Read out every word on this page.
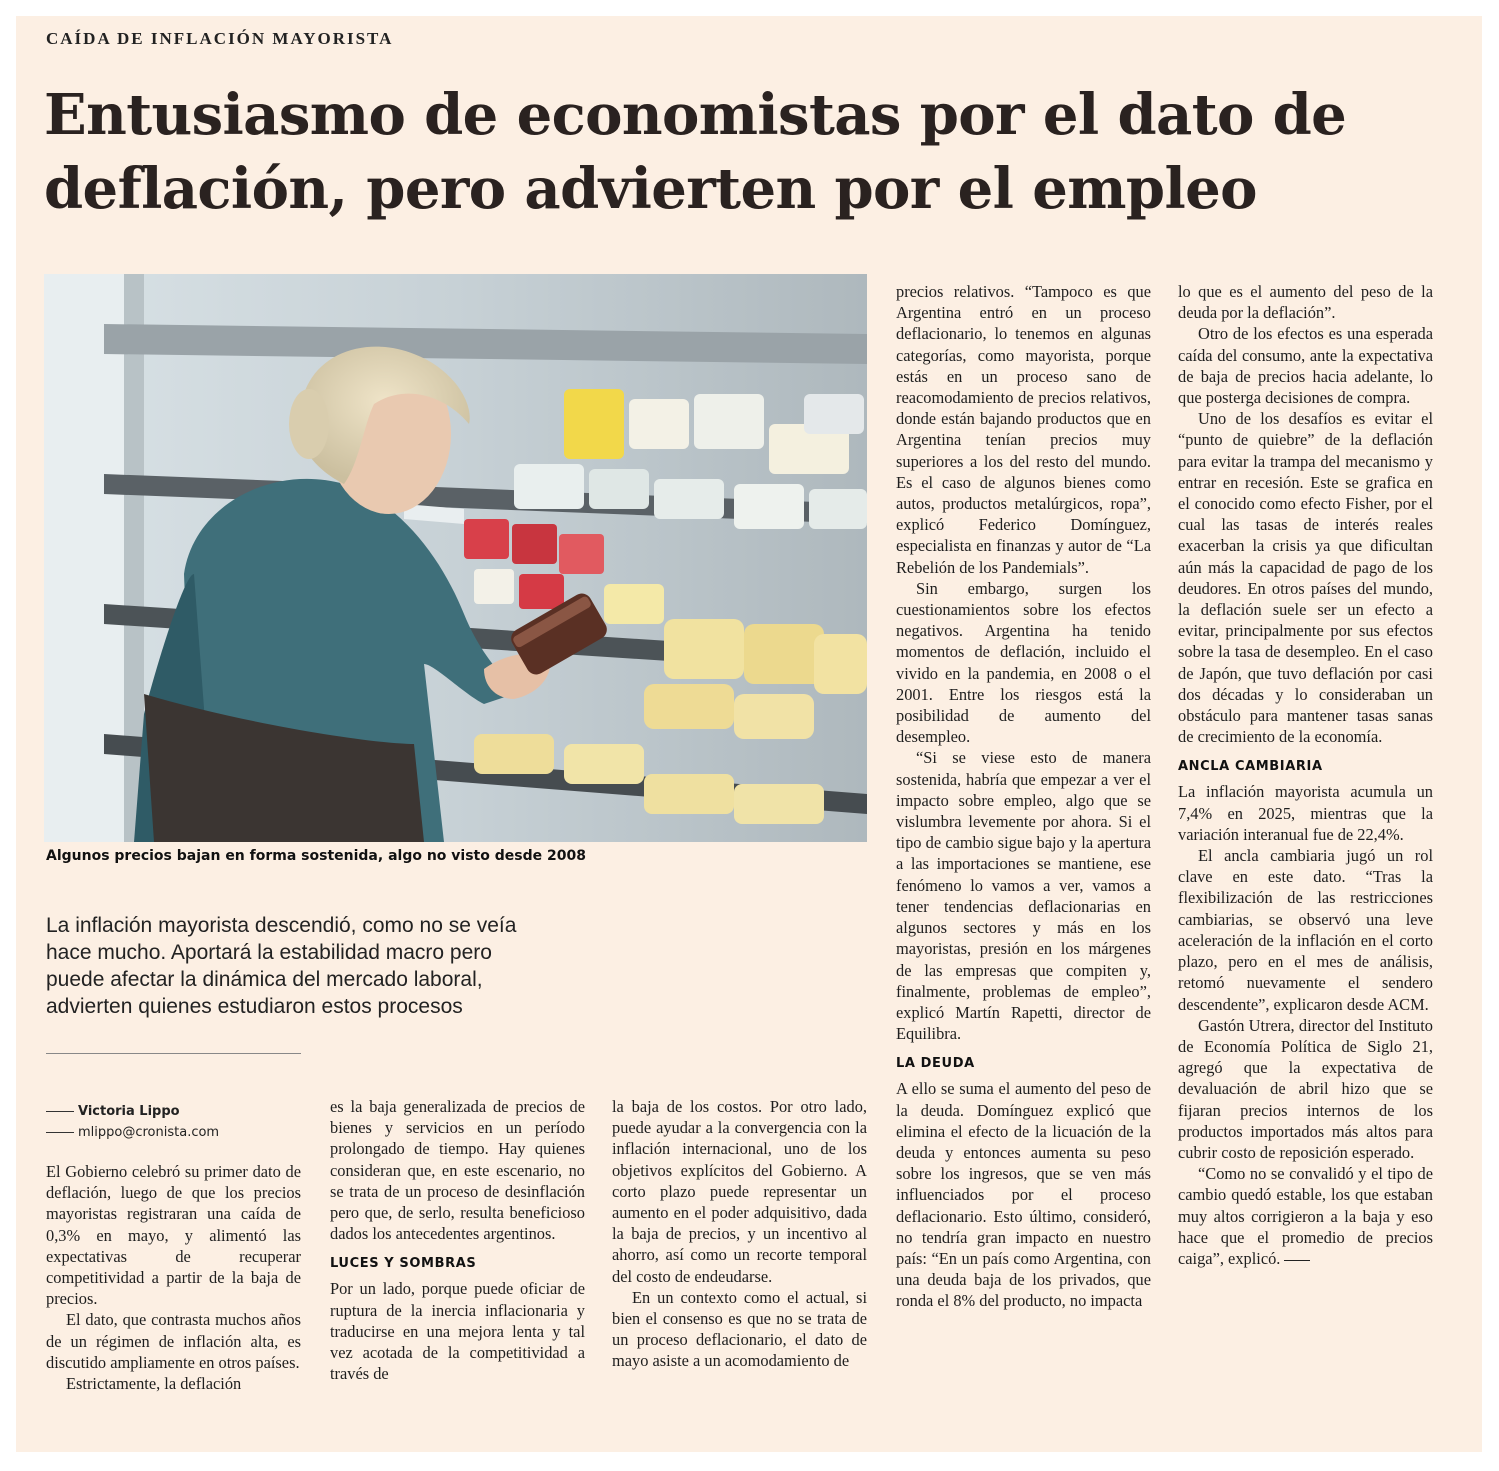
CAÍDA DE INFLACIÓN MAYORISTA
Entusiasmo de economistas por el dato de deflación, pero advierten por el empleo
Algunos precios bajan en forma sostenida, algo no visto desde 2008

La inflación mayorista descendió, como no se veía hace mucho. Aportará la estabilidad macro pero puede afectar la dinámica del mercado laboral, advierten quienes estudiaron estos procesos

Victoria Lippo
mlippo@cronista.com

El Gobierno celebró su primer dato de deflación, luego de que los precios mayoristas registraran una caída de 0,3% en mayo, y alimentó las expectativas de recuperar competitividad a partir de la baja de precios.

El dato, que contrasta muchos años de un régimen de inflación alta, es discutido ampliamente en otros países.

Estrictamente, la deflación

es la baja generalizada de precios de bienes y servicios en un período prolongado de tiempo. Hay quienes consideran que, en este escenario, no se trata de un proceso de desinflación pero que, de serlo, resulta beneficioso dados los antecedentes argentinos.

LUCES Y SOMBRAS

Por un lado, porque puede oficiar de ruptura de la inercia inflacionaria y traducirse en una mejora lenta y tal vez acotada de la competitividad a través de

la baja de los costos. Por otro lado, puede ayudar a la convergencia con la inflación internacional, uno de los objetivos explícitos del Gobierno. A corto plazo puede representar un aumento en el poder adquisitivo, dada la baja de precios, y un incentivo al ahorro, así como un recorte temporal del costo de endeudarse.

En un contexto como el actual, si bien el consenso es que no se trata de un proceso deflacionario, el dato de mayo asiste a un acomodamiento de

precios relativos. “Tampoco es que Argentina entró en un proceso deflacionario, lo tenemos en algunas categorías, como mayorista, porque estás en un proceso sano de reacomodamiento de precios relativos, donde están bajando productos que en Argentina tenían precios muy superiores a los del resto del mundo. Es el caso de algunos bienes como autos, productos metalúrgicos, ropa”, explicó Federico Domínguez, especialista en finanzas y autor de “La Rebelión de los Pandemials”.

Sin embargo, surgen los cuestionamientos sobre los efectos negativos. Argentina ha tenido momentos de deflación, incluido el vivido en la pandemia, en 2008 o el 2001. Entre los riesgos está la posibilidad de aumento del desempleo.

“Si se viese esto de manera sostenida, habría que empezar a ver el impacto sobre empleo, algo que se vislumbra levemente por ahora. Si el tipo de cambio sigue bajo y la apertura a las importaciones se mantiene, ese fenómeno lo vamos a ver, vamos a tener tendencias deflacionarias en algunos sectores y más en los mayoristas, presión en los márgenes de las empresas que compiten y, finalmente, problemas de empleo”, explicó Martín Rapetti, director de Equilibra.

LA DEUDA

A ello se suma el aumento del peso de la deuda. Domínguez explicó que elimina el efecto de la licuación de la deuda y entonces aumenta su peso sobre los ingresos, que se ven más influenciados por el proceso deflacionario. Esto último, consideró, no tendría gran impacto en nuestro país: “En un país como Argentina, con una deuda baja de los privados, que ronda el 8% del producto, no impacta

lo que es el aumento del peso de la deuda por la deflación”.

Otro de los efectos es una esperada caída del consumo, ante la expectativa de baja de precios hacia adelante, lo que posterga decisiones de compra.

Uno de los desafíos es evitar el “punto de quiebre” de la deflación para evitar la trampa del mecanismo y entrar en recesión. Este se grafica en el conocido como efecto Fisher, por el cual las tasas de interés reales exacerban la crisis ya que dificultan aún más la capacidad de pago de los deudores. En otros países del mundo, la deflación suele ser un efecto a evitar, principalmente por sus efectos sobre la tasa de desempleo. En el caso de Japón, que tuvo deflación por casi dos décadas y lo consideraban un obstáculo para mantener tasas sanas de crecimiento de la economía.

ANCLA CAMBIARIA

La inflación mayorista acumula un 7,4% en 2025, mientras que la variación interanual fue de 22,4%.

El ancla cambiaria jugó un rol clave en este dato. “Tras la flexibilización de las restricciones cambiarias, se observó una leve aceleración de la inflación en el corto plazo, pero en el mes de análisis, retomó nuevamente el sendero descendente”, explicaron desde ACM.

Gastón Utrera, director del Instituto de Economía Política de Siglo 21, agregó que la expectativa de devaluación de abril hizo que se fijaran precios internos de los productos importados más altos para cubrir costo de reposición esperado.

“Como no se convalidó y el tipo de cambio quedó estable, los que estaban muy altos corrigieron a la baja y eso hace que el promedio de precios caiga”, explicó.
